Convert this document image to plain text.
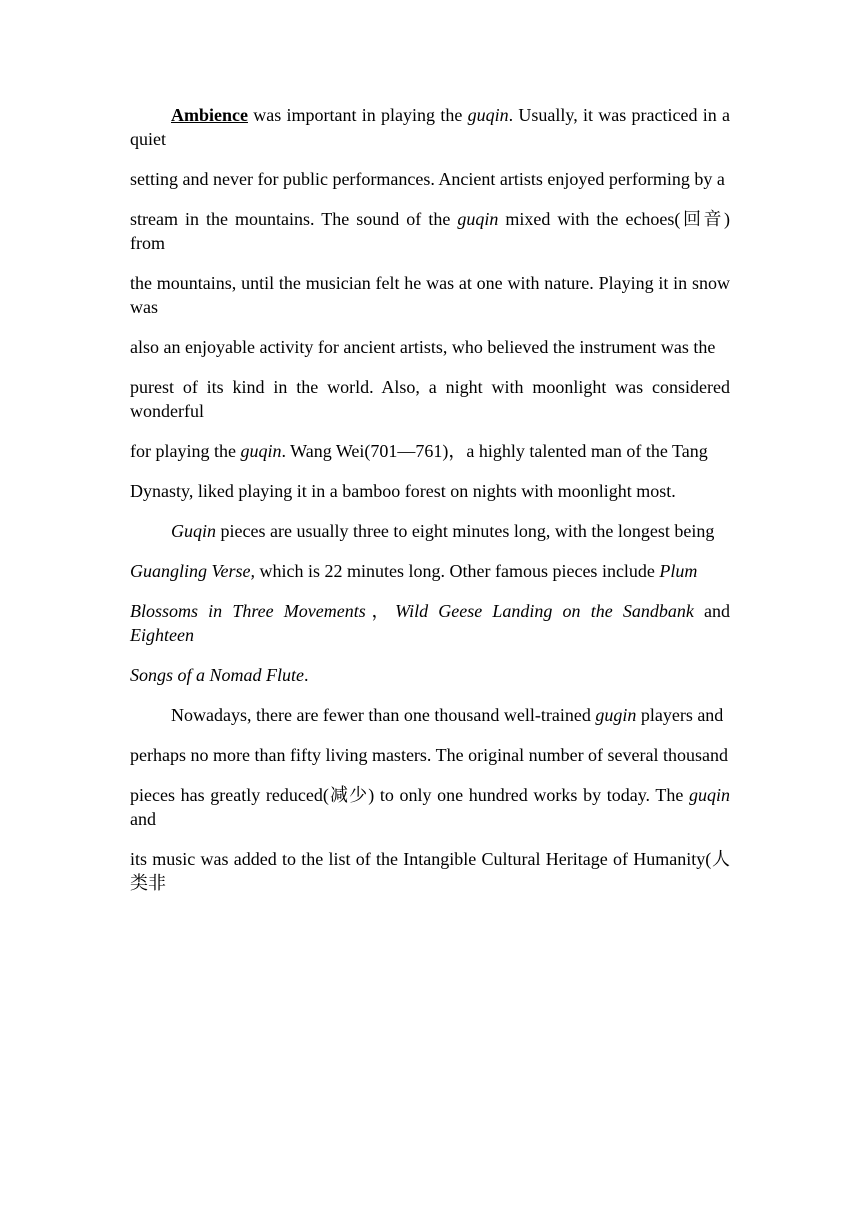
Ambience was important in playing the guqin. Usually, it was practiced in a quiet

setting and never for public performances. Ancient artists enjoyed performing by a

stream in the mountains. The sound of the guqin mixed with the echoes(回音) from

the mountains, until the musician felt he was at one with nature. Playing it in snow was

also an enjoyable activity for ancient artists, who believed the instrument was the

purest of its kind in the world. Also, a night with moonlight was considered wonderful

for playing the guqin. Wang Wei(701—761)，a highly talented man of the Tang

Dynasty, liked playing it in a bamboo forest on nights with moonlight most.

Guqin pieces are usually three to eight minutes long, with the longest being

Guangling Verse, which is 22 minutes long. Other famous pieces include Plum

Blossoms in Three Movements，Wild Geese Landing on the Sandbank and Eighteen

Songs of a Nomad Flute.

Nowadays, there are fewer than one thousand well-trained gugin players and

perhaps no more than fifty living masters. The original number of several thousand

pieces has greatly reduced(减少) to only one hundred works by today. The guqin and

its music was added to the list of the Intangible Cultural Heritage of Humanity(人类非
